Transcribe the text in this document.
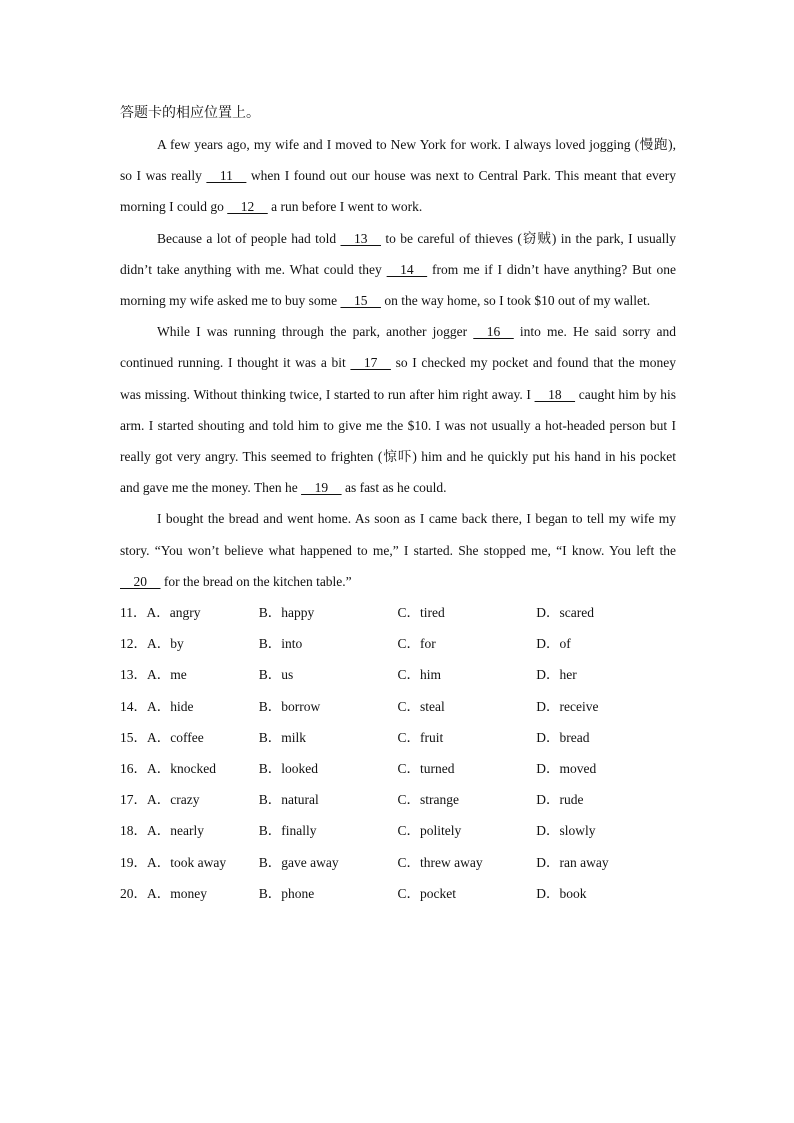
答题卡的相应位置上。

A few years ago, my wife and I moved to New York for work. I always loved jogging (慢跑), so I was really     11     when I found out our house was next to Central Park. This meant that every morning I could go     12     a run before I went to work.

Because a lot of people had told     13     to be careful of thieves (窃贼) in the park, I usually didn’t take anything with me. What could they     14     from me if I didn’t have anything? But one morning my wife asked me to buy some     15     on the way home, so I took $10 out of my wallet.

While I was running through the park, another jogger     16     into me. He said sorry and continued running. I thought it was a bit     17     so I checked my pocket and found that the money was missing. Without thinking twice, I started to run after him right away. I     18     caught him by his arm. I started shouting and told him to give me the $10. I was not usually a hot-headed person but I really got very angry. This seemed to frighten (惊吓) him and he quickly put his hand in his pocket and gave me the money. Then he     19     as fast as he could.

I bought the bread and went home. As soon as I came back there, I began to tell my wife my story. “You won’t believe what happened to me,” I started. She stopped me, “I know. You left the     20     for the bread on the kitchen table.”

11．A．angry	B．happy	C．tired	D．scared
12．A．by	B．into	C．for	D．of
13．A．me	B．us	C．him	D．her
14．A．hide	B．borrow	C．steal	D．receive
15．A．coffee	B．milk	C．fruit	D．bread
16．A．knocked	B．looked	C．turned	D．moved
17．A．crazy	B．natural	C．strange	D．rude
18．A．nearly	B．finally	C．politely	D．slowly
19．A．took away	B．gave away	C．threw away	D．ran away
20．A．money	B．phone	C．pocket	D．book
